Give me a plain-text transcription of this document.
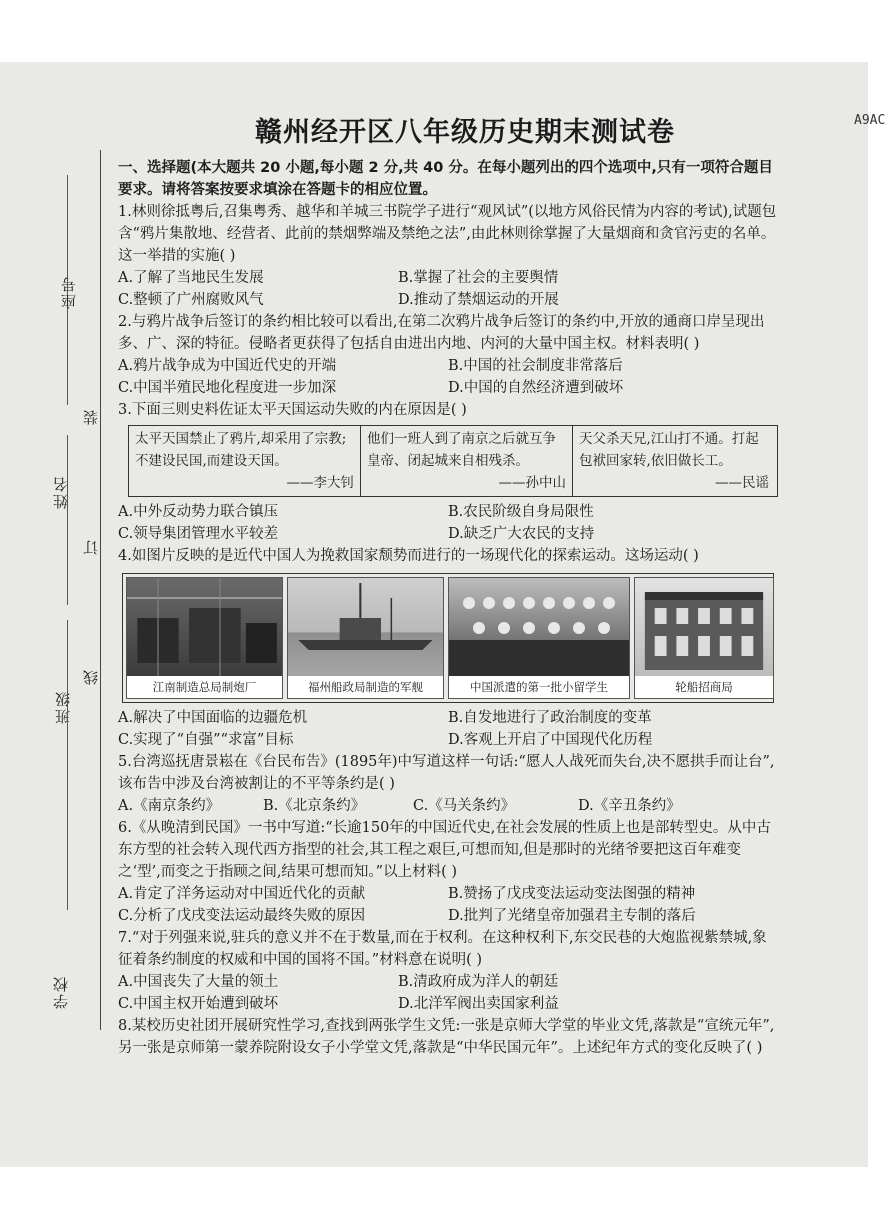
座号
装
姓名
订
班级
线
学校
A9AC
赣州经开区八年级历史期末测试卷

一、选择题(本大题共 20 小题,每小题 2 分,共 40 分。在每小题列出的四个选项中,只有一项符合题目要求。请将答案按要求填涂在答题卡的相应位置。

1.林则徐抵粤后,召集粤秀、越华和羊城三书院学子进行“观风试”(以地方风俗民情为内容的考试),试题包含“鸦片集散地、经营者、此前的禁烟弊端及禁绝之法”,由此林则徐掌握了大量烟商和贪官污吏的名单。这一举措的实施( )

A.了解了当地民生发展	B.掌握了社会的主要舆情
C.整顿了广州腐败风气	D.推动了禁烟运动的开展

2.与鸦片战争后签订的条约相比较可以看出,在第二次鸦片战争后签订的条约中,开放的通商口岸呈现出多、广、深的特征。侵略者更获得了包括自由进出内地、内河的大量中国主权。材料表明( )

A.鸦片战争成为中国近代史的开端	B.中国的社会制度非常落后
C.中国半殖民地化程度进一步加深	D.中国的自然经济遭到破坏

3.下面三则史料佐证太平天国运动失败的内在原因是( )

太平天国禁止了鸦片,却采用了宗教;不建设民国,而建设天国。
——李大钊
他们一班人到了南京之后就互争皇帝、闭起城来自相残杀。
——孙中山
天父杀天兄,江山打不通。打起包袱回家转,依旧做长工。
——民谣
A.中外反动势力联合镇压	B.农民阶级自身局限性
C.领导集团管理水平较差	D.缺乏广大农民的支持

4.如图片反映的是近代中国人为挽救国家颓势而进行的一场现代化的探索运动。这场运动( )

江南制造总局制炮厂	福州船政局制造的军舰	中国派遣的第一批小留学生	轮船招商局
A.解决了中国面临的边疆危机	B.自发地进行了政治制度的变革
C.实现了“自强”“求富”目标	D.客观上开启了中国现代化历程

5.台湾巡抚唐景崧在《台民布告》(1895年)中写道这样一句话:“愿人人战死而失台,决不愿拱手而让台”,该布告中涉及台湾被割让的不平等条约是( )

A.《南京条约》	B.《北京条约》	C.《马关条约》	D.《辛丑条约》

6.《从晚清到民国》一书中写道:“长逾150年的中国近代史,在社会发展的性质上也是部转型史。从中古东方型的社会转入现代西方指型的社会,其工程之艰巨,可想而知,但是那时的光绪爷要把这百年难变之‘型’,而变之于指顾之间,结果可想而知。”以上材料( )

A.肯定了洋务运动对中国近代化的贡献	B.赞扬了戊戌变法运动变法图强的精神
C.分析了戊戌变法运动最终失败的原因	D.批判了光绪皇帝加强君主专制的落后

7.“对于列强来说,驻兵的意义并不在于数量,而在于权利。在这种权利下,东交民巷的大炮监视紫禁城,象征着条约制度的权威和中国的国将不国。”材料意在说明( )

A.中国丧失了大量的领土	B.清政府成为洋人的朝廷
C.中国主权开始遭到破坏	D.北洋军阀出卖国家利益

8.某校历史社团开展研究性学习,查找到两张学生文凭:一张是京师大学堂的毕业文凭,落款是“宣统元年”,另一张是京师第一蒙养院附设女子小学堂文凭,落款是“中华民国元年”。上述纪年方式的变化反映了( )
